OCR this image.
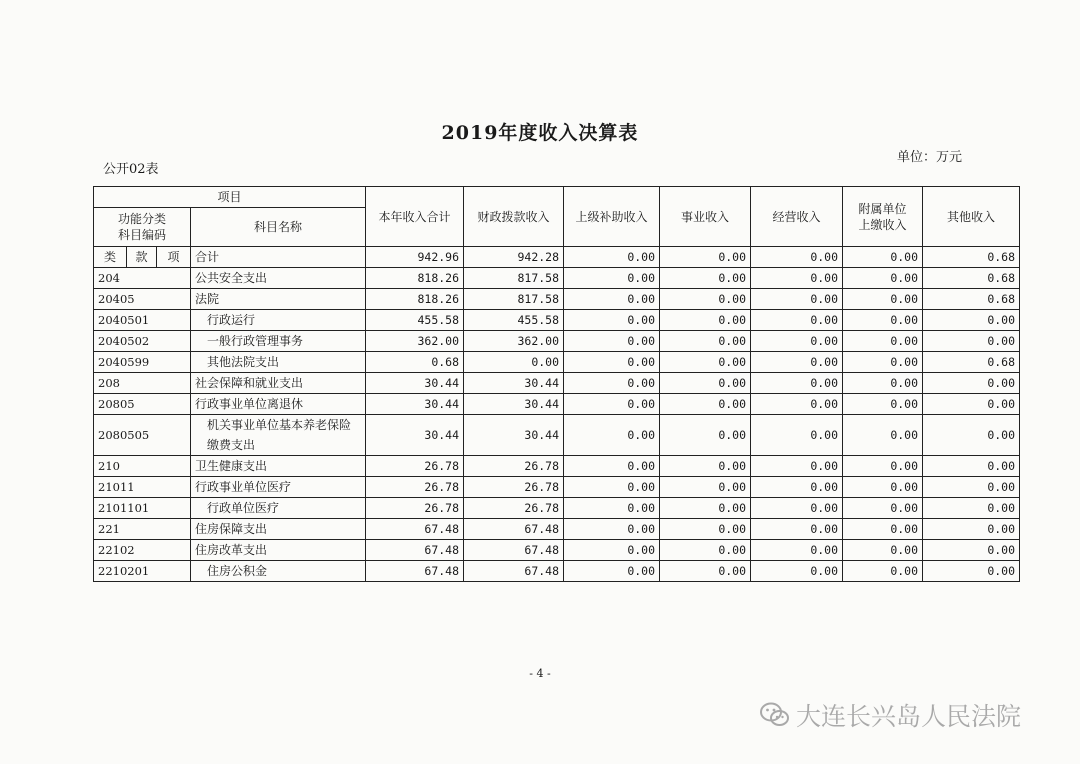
2019年度收入决算表
公开02表
单位：万元
项目				本年收入合计	财政拨款收入	上级补助收入	事业收入	经营收入	附属单位上缴收入	其他收入

功能分类
科目编码			科目名称							
类	款	项	合计	942.96	942.28	0.00	0.00	0.00	0.00	0.68
204			公共安全支出	818.26	817.58	0.00	0.00	0.00	0.00	0.68
20405			法院	818.26	817.58	0.00	0.00	0.00	0.00	0.68
2040501			行政运行	455.58	455.58	0.00	0.00	0.00	0.00	0.00
2040502			一般行政管理事务	362.00	362.00	0.00	0.00	0.00	0.00	0.00
2040599			其他法院支出	0.68	0.00	0.00	0.00	0.00	0.00	0.68
208			社会保障和就业支出	30.44	30.44	0.00	0.00	0.00	0.00	0.00
20805			行政事业单位离退休	30.44	30.44	0.00	0.00	0.00	0.00	0.00
2080505			机关事业单位基本养老保险缴费支出	30.44	30.44	0.00	0.00	0.00	0.00	0.00
210			卫生健康支出	26.78	26.78	0.00	0.00	0.00	0.00	0.00
21011			行政事业单位医疗	26.78	26.78	0.00	0.00	0.00	0.00	0.00
2101101			行政单位医疗	26.78	26.78	0.00	0.00	0.00	0.00	0.00
221			住房保障支出	67.48	67.48	0.00	0.00	0.00	0.00	0.00
22102			住房改革支出	67.48	67.48	0.00	0.00	0.00	0.00	0.00
2210201			住房公积金	67.48	67.48	0.00	0.00	0.00	0.00	0.00
- 4 -
大连长兴岛人民法院
